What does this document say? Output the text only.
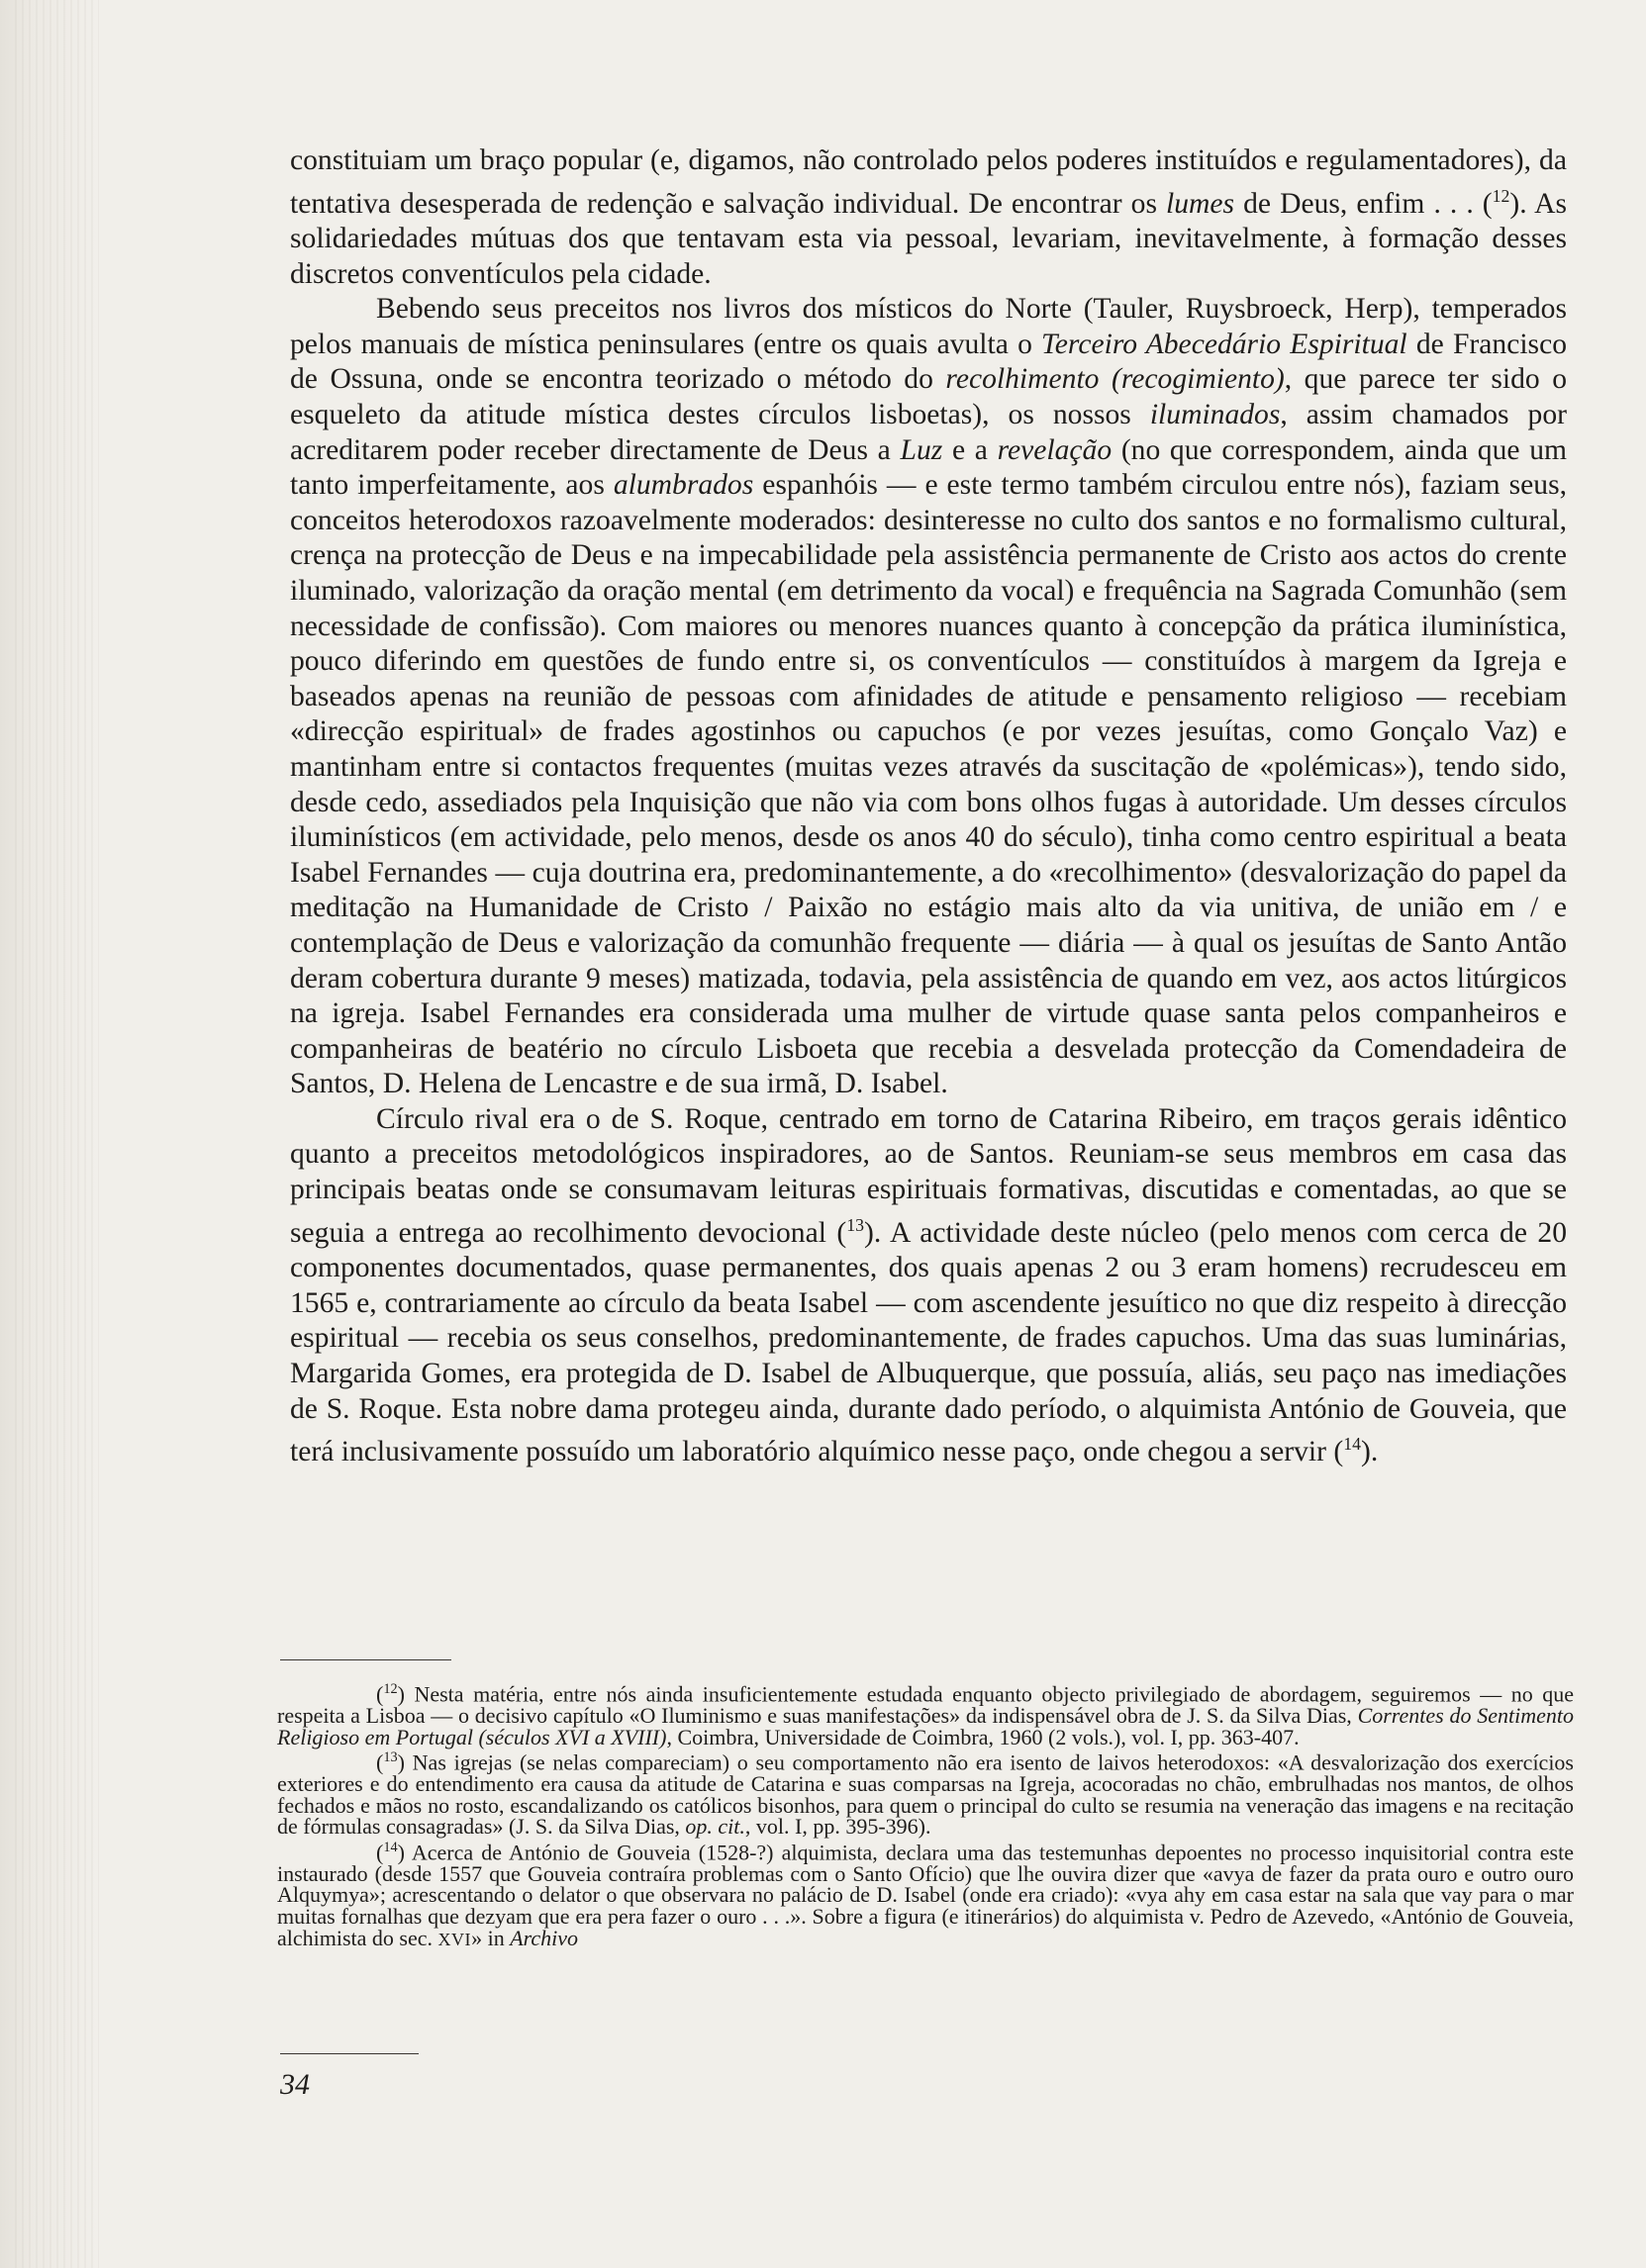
constituiam um braço popular (e, digamos, não controlado pelos poderes instituídos e regulamentadores), da tentativa desesperada de redenção e salvação individual. De encontrar os lumes de Deus, enfim . . . ($^{12}$). As solidariedades mútuas dos que tentavam esta via pessoal, levariam, inevitavelmente, à formação desses discretos conventículos pela cidade.

Bebendo seus preceitos nos livros dos místicos do Norte (Tauler, Ruysbroeck, Herp), temperados pelos manuais de mística peninsulares (entre os quais avulta o Terceiro Abecedário Espiritual de Francisco de Ossuna, onde se encontra teorizado o método do recolhimento (recogimiento), que parece ter sido o esqueleto da atitude mística destes círculos lisboetas), os nossos iluminados, assim chamados por acreditarem poder receber directamente de Deus a Luz e a revelação (no que correspondem, ainda que um tanto imperfeitamente, aos alumbrados espanhóis — e este termo também circulou entre nós), faziam seus, conceitos heterodoxos razoavelmente moderados: desinteresse no culto dos santos e no formalismo cultural, crença na protecção de Deus e na impecabilidade pela assistência permanente de Cristo aos actos do crente iluminado, valorização da oração mental (em detrimento da vocal) e frequência na Sagrada Comunhão (sem necessidade de confissão). Com maiores ou menores nuances quanto à concepção da prática iluminística, pouco diferindo em questões de fundo entre si, os conventículos — constituídos à margem da Igreja e baseados apenas na reunião de pessoas com afinidades de atitude e pensamento religioso — recebiam «direcção espiritual» de frades agostinhos ou capuchos (e por vezes jesuítas, como Gonçalo Vaz) e mantinham entre si contactos frequentes (muitas vezes através da suscitação de «polémicas»), tendo sido, desde cedo, assediados pela Inquisição que não via com bons olhos fugas à autoridade. Um desses círculos iluminísticos (em actividade, pelo menos, desde os anos 40 do século), tinha como centro espiritual a beata Isabel Fernandes — cuja doutrina era, predominantemente, a do «recolhimento» (desvalorização do papel da meditação na Humanidade de Cristo / Paixão no estágio mais alto da via unitiva, de união em / e contemplação de Deus e valorização da comunhão frequente — diária — à qual os jesuítas de Santo Antão deram cobertura durante 9 meses) matizada, todavia, pela assistência de quando em vez, aos actos litúrgicos na igreja. Isabel Fernandes era considerada uma mulher de virtude quase santa pelos companheiros e companheiras de beatério no círculo Lisboeta que recebia a desvelada protecção da Comendadeira de Santos, D. Helena de Lencastre e de sua irmã, D. Isabel.

Círculo rival era o de S. Roque, centrado em torno de Catarina Ribeiro, em traços gerais idêntico quanto a preceitos metodológicos inspiradores, ao de Santos. Reuniam-se seus membros em casa das principais beatas onde se consumavam leituras espirituais formativas, discutidas e comentadas, ao que se seguia a entrega ao recolhimento devocional ($^{13}$). A actividade deste núcleo (pelo menos com cerca de 20 componentes documentados, quase permanentes, dos quais apenas 2 ou 3 eram homens) recrudesceu em 1565 e, contrariamente ao círculo da beata Isabel — com ascendente jesuítico no que diz respeito à direcção espiritual — recebia os seus conselhos, predominantemente, de frades capuchos. Uma das suas luminárias, Margarida Gomes, era protegida de D. Isabel de Albuquerque, que possuía, aliás, seu paço nas imediações de S. Roque. Esta nobre dama protegeu ainda, durante dado período, o alquimista António de Gouveia, que terá inclusivamente possuído um laboratório alquímico nesse paço, onde chegou a servir ($^{14}$).

($^{12}$) Nesta matéria, entre nós ainda insuficientemente estudada enquanto objecto privilegiado de abordagem, seguiremos — no que respeita a Lisboa — o decisivo capítulo «O Iluminismo e suas manifestações» da indispensável obra de J. S. da Silva Dias, Correntes do Sentimento Religioso em Portugal (séculos XVI a XVIII), Coimbra, Universidade de Coimbra, 1960 (2 vols.), vol. I, pp. 363-407.

($^{13}$) Nas igrejas (se nelas compareciam) o seu comportamento não era isento de laivos heterodoxos: «A desvalorização dos exercícios exteriores e do entendimento era causa da atitude de Catarina e suas comparsas na Igreja, acocoradas no chão, embrulhadas nos mantos, de olhos fechados e mãos no rosto, escandalizando os católicos bisonhos, para quem o principal do culto se resumia na veneração das imagens e na recitação de fórmulas consagradas» (J. S. da Silva Dias, op. cit., vol. I, pp. 395-396).

($^{14}$) Acerca de António de Gouveia (1528-?) alquimista, declara uma das testemunhas depoentes no processo inquisitorial contra este instaurado (desde 1557 que Gouveia contraíra problemas com o Santo Ofício) que lhe ouvira dizer que «avya de fazer da prata ouro e outro ouro Alquymya»; acrescentando o delator o que observara no palácio de D. Isabel (onde era criado): «vya ahy em casa estar na sala que vay para o mar muitas fornalhas que dezyam que era pera fazer o ouro . . .». Sobre a figura (e itinerários) do alquimista v. Pedro de Azevedo, «António de Gouveia, alchimista do sec. XVI» in Archivo

34
